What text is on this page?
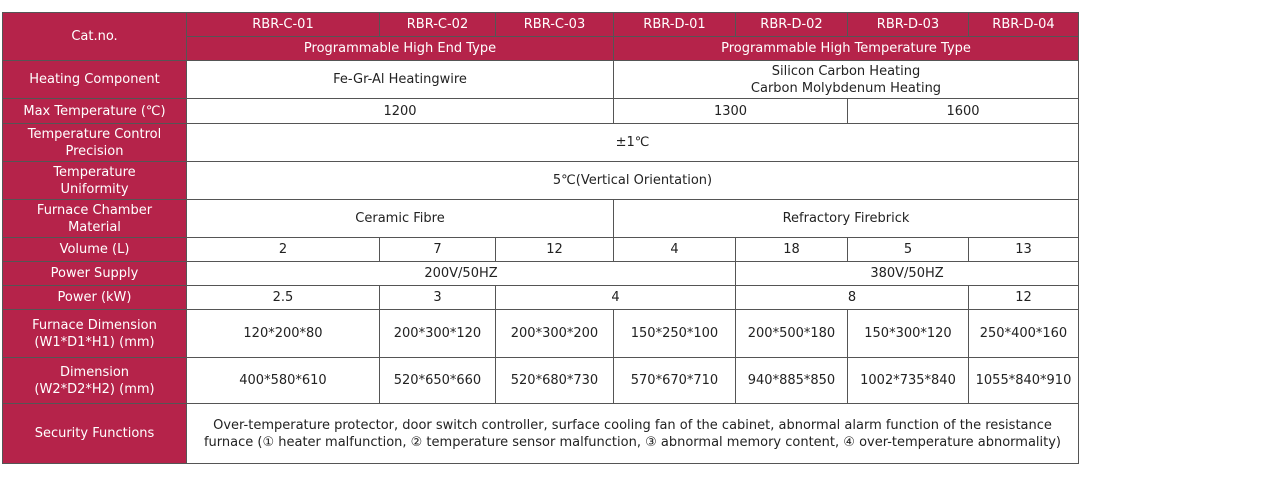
Cat.no.	RBR-C-01	RBR-C-02	RBR-C-03	RBR-D-01	RBR-D-02	RBR-D-03	RBR-D-04
	Programmable High End Type			Programmable High Temperature Type			
Heating Component	Fe-Gr-Al Heatingwire			Silicon Carbon Heating
Carbon Molybdenum Heating			
Max Temperature (℃)	1200			1300		1600	
Temperature Control
Precision	±1℃						
Temperature
Uniformity	5℃(Vertical Orientation)						
Furnace Chamber
Material	Ceramic Fibre			Refractory Firebrick			
Volume (L)	2	7	12	4	18	5	13
Power Supply	200V/50HZ				380V/50HZ		
Power (kW)	2.5	3	4		8		12
Furnace Dimension
(W1*D1*H1) (mm)	120*200*80	200*300*120	200*300*200	150*250*100	200*500*180	150*300*120	250*400*160
Dimension
(W2*D2*H2) (mm)	400*580*610	520*650*660	520*680*730	570*670*710	940*885*850	1002*735*840	1055*840*910
Security Functions	Over-temperature protector, door switch controller, surface cooling fan of the cabinet, abnormal alarm function of the resistance furnace (① heater malfunction, ② temperature sensor malfunction, ③ abnormal memory content, ④ over-temperature abnormality)						
